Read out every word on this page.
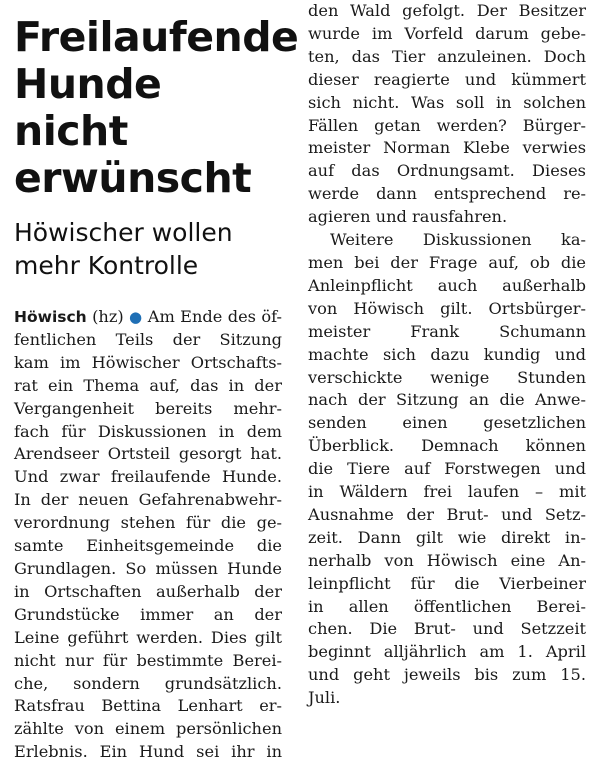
Freilaufende
Hunde nicht
erwünscht
Höwischer wollen
mehr Kontrolle
Höwisch (hz) ● Am Ende des öf-
fentlichen Teils der Sitzung
kam im Höwischer Ortschafts-
rat ein Thema auf, das in der
Vergangenheit bereits mehr-
fach für Diskussionen in dem
Arendseer Ortsteil gesorgt hat.
Und zwar freilaufende Hunde.
In der neuen Gefahrenabwehr-
verordnung stehen für die ge-
samte Einheitsgemeinde die
Grundlagen. So müssen Hunde
in Ortschaften außerhalb der
Grundstücke immer an der
Leine geführt werden. Dies gilt
nicht nur für bestimmte Berei-
che, sondern grundsätzlich.
Ratsfrau Bettina Lenhart er-
zählte von einem persönlichen
Erlebnis. Ein Hund sei ihr in
den Wald gefolgt. Der Besitzer
wurde im Vorfeld darum gebe-
ten, das Tier anzuleinen. Doch
dieser reagierte und kümmert
sich nicht. Was soll in solchen
Fällen getan werden? Bürger-
meister Norman Klebe verwies
auf das Ordnungsamt. Dieses
werde dann entsprechend re-
agieren und rausfahren.
Weitere Diskussionen ka-
men bei der Frage auf, ob die
Anleinpflicht auch außerhalb
von Höwisch gilt. Ortsbürger-
meister Frank Schumann
machte sich dazu kundig und
verschickte wenige Stunden
nach der Sitzung an die Anwe-
senden einen gesetzlichen
Überblick. Demnach können
die Tiere auf Forstwegen und
in Wäldern frei laufen – mit
Ausnahme der Brut- und Setz-
zeit. Dann gilt wie direkt in-
nerhalb von Höwisch eine An-
leinpflicht für die Vierbeiner
in allen öffentlichen Berei-
chen. Die Brut- und Setzzeit
beginnt alljährlich am 1. April
und geht jeweils bis zum 15.
Juli.
